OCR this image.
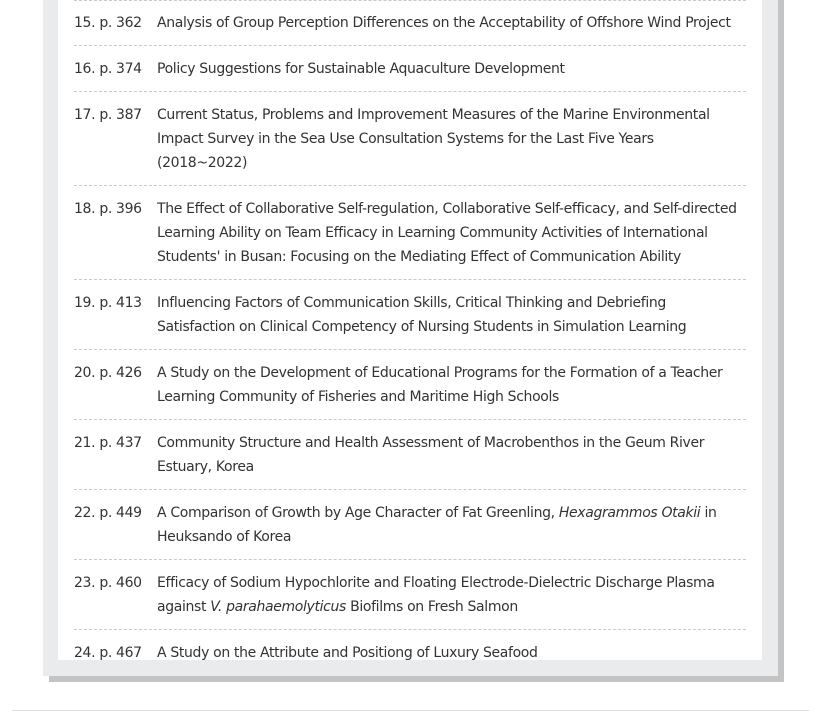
15. p. 362	Analysis of Group Perception Differences on the Acceptability of Offshore Wind Project
16. p. 374	Policy Suggestions for Sustainable Aquaculture Development
17. p. 387	Current Status, Problems and Improvement Measures of the Marine Environmental Impact Survey in the Sea Use Consultation Systems for the Last Five Years (2018~2022)
18. p. 396	The Effect of Collaborative Self-regulation, Collaborative Self-efficacy, and Self-directed Learning Ability on Team Efficacy in Learning Community Activities of International Students' in Busan: Focusing on the Mediating Effect of Communication Ability
19. p. 413	Influencing Factors of Communication Skills, Critical Thinking and Debriefing Satisfaction on Clinical Competency of Nursing Students in Simulation Learning
20. p. 426	A Study on the Development of Educational Programs for the Formation of a Teacher Learning Community of Fisheries and Maritime High Schools
21. p. 437	Community Structure and Health Assessment of Macrobenthos in the Geum River Estuary, Korea
22. p. 449	A Comparison of Growth by Age Character of Fat Greenling, Hexagrammos Otakii in Heuksando of Korea
23. p. 460	Efficacy of Sodium Hypochlorite and Floating Electrode-Dielectric Discharge Plasma against V. parahaemolyticus Biofilms on Fresh Salmon
24. p. 467	A Study on the Attribute and Positiong of Luxury Seafood
